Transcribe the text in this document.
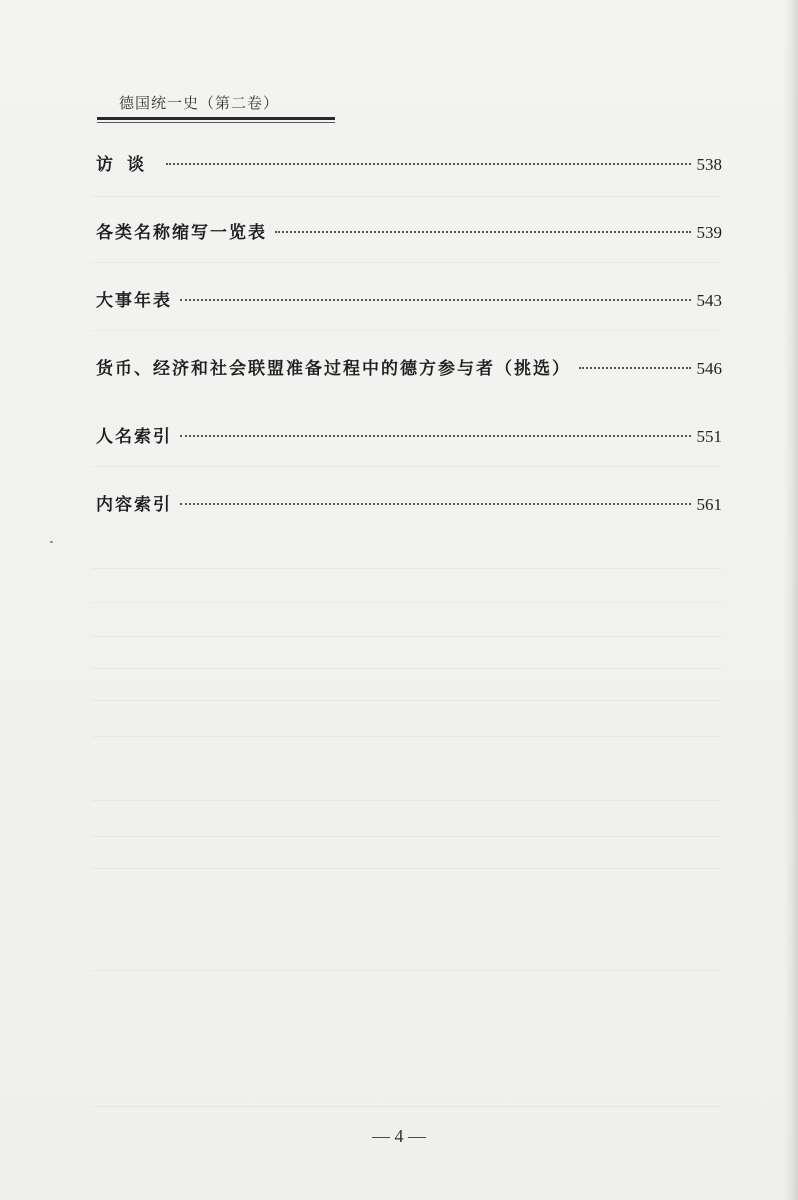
德国统一史（第二卷）
访谈	538
各类名称缩写一览表	539
大事年表	543
货币、经济和社会联盟准备过程中的德方参与者（挑选）	546
人名索引	551
内容索引	561
— 4 —
